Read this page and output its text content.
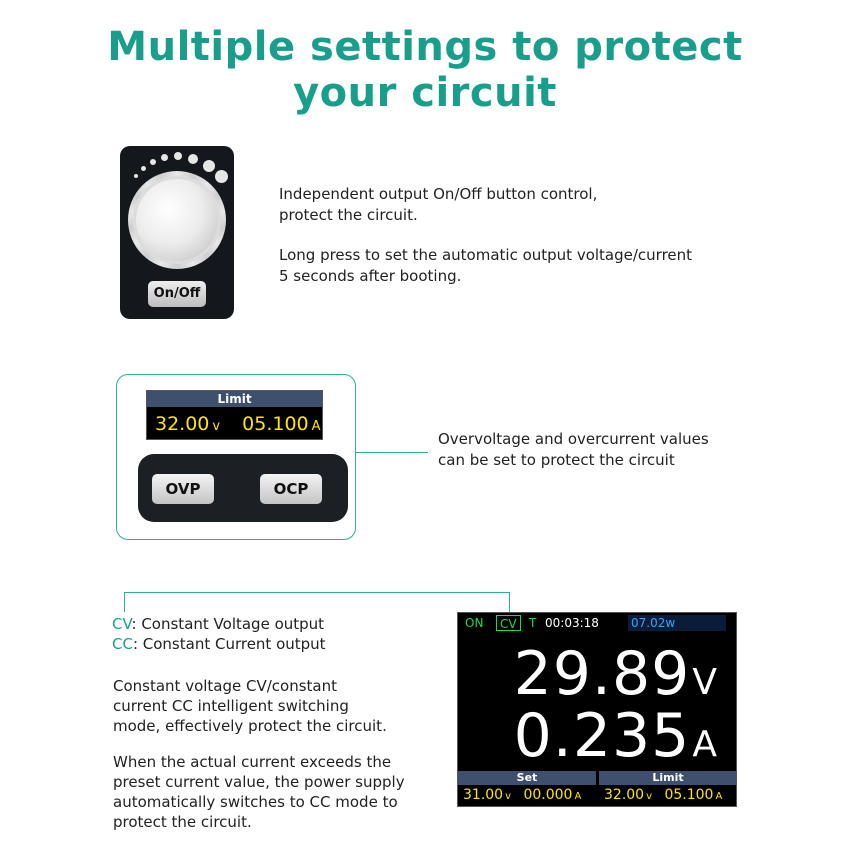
Multiple settings to protect
your circuit
On/Off
Independent output On/Off button control,
protect the circuit.
Long press to set the automatic output voltage/current
5 seconds after booting.
Limit
32.00 v 05.100 A
OVP	OCP
Overvoltage and overcurrent values
can be set to protect the circuit
CV: Constant Voltage output
CC: Constant Current output
Constant voltage CV/constant
current CC intelligent switching
mode, effectively protect the circuit.
When the actual current exceeds the
preset current value, the power supply
automatically switches to CC mode to
protect the circuit.
ON	CV	T 00:03:18	07.02w
29.89V
0.235A
Set
31.00 v 00.000 A
Limit
32.00 v 05.100 A
